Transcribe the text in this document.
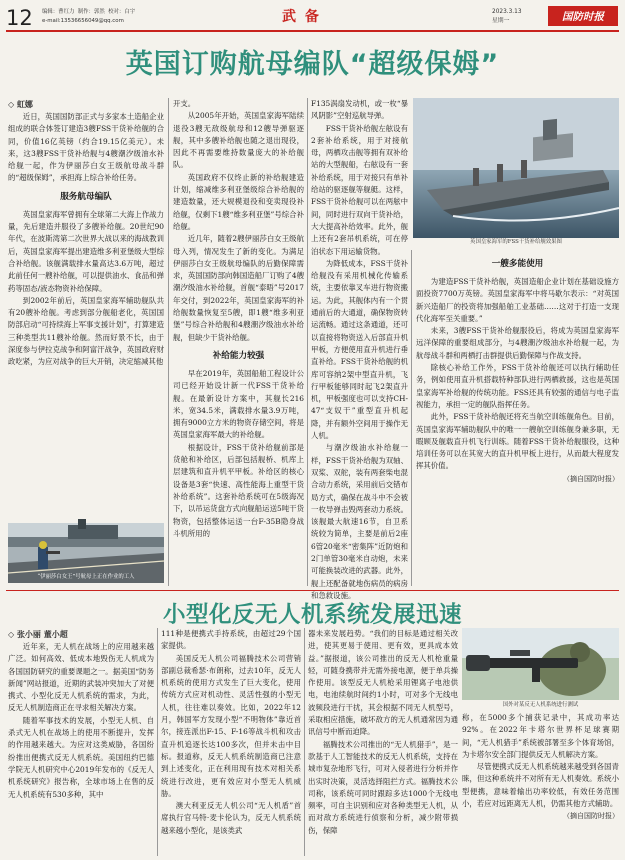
12 编辑：曹红力  制作：郭然  校对：白宇
e-mail:13536656049@qq.com	武 备	2023.3.13
星期一	国防时报
英国订购航母编队“超级保姆”
◇ 虹娜

近日，英国国防部正式与多家本土造船企业组成的联合体签订建造3艘FSS干货补给舰的合同，价值16亿英镑（约合19.15亿美元）。未来，这3艘FSS干货补给舰与4艘潮汐级油水补给舰一起，作为伊丽莎白女王级航母战斗群的“超级保姆”，承担海上综合补给任务。

服务航母编队

英国皇家海军曾拥有全球第二大海上作战力量，先后建造并服役了多艘补给舰。20世纪90年代，在波斯湾第二次世界大战以来的海战教训后，英国皇家海军提出建造维多利亚堡级大型综合补给舰。该舰满载排水量高达3.6万吨，超过此前任何一艘补给舰，可以提供油水、食品和弹药等固态/液态物资补给保障。

到2002年前后，英国皇家海军辅助舰队共有20艘补给舰。考虑到部分舰船老化，英国国防部启动“可持续海上军事支援计划”，打算建造三种类型共11艘补给舰。然而好景不长，由于深度参与伊拉克战争和阿富汗战争，英国政府财政吃紧，为应对战争的巨大开销，决定缩减其他

“伊丽莎白女王”号航母上正在作业的工人

开支。

从2005年开始，英国皇家海军陆续退役3艘无敌级航母和12艘导弹驱逐舰，其中多艘补给舰也随之退出现役，因此不再需要维持数量庞大的补给舰队。

英国政府不仅终止新的补给舰建造计划，缩减维多利亚堡级综合补给舰的建造数量，还大规模退役和变卖现役补给舰，仅剩下1艘“维多利亚堡”号综合补给舰。

近几年，随着2艘伊丽莎白女王级航母入列，情况发生了新的变化。为满足伊丽莎白女王级航母编队的后勤保障需求，英国国防部向韩国造船厂订购了4艘潮汐级油水补给舰，首舰“泰晤”号2017年交付，到2022年，英国皇家海军的补给舰数量恢复至5艘，即1艘“维多利亚堡”号综合补给舰和4艘潮汐级油水补给舰，但缺少干货补给舰。

补给能力较强

早在2019年，英国船舶工程设计公司已经开始设计新一代FSS干货补给舰。在最新设计方案中，其舰长216米，宽34.5米，满载排水量3.9万吨，拥有9000立方米的物资存储空间，将是英国皇家海军最大的补给舰。

根据设计，FSS干货补给舰前部是货舱和补给区，后部包括舰桥、机库上层建筑和直升机平甲板。补给区的核心设备是3套“快速、高性能海上重型干货补给系统”。这套补给系统可在5级海况下，以吊运货盘方式向舰船运送5吨干货物资，包括整体运送一台F-35B隐身战斗机所用的

F135涡扇发动机，或一枚“暴风阴影”空射巡航导弹。

FSS干货补给舰左舷设有2套补给系统，用于对接航母，两栖攻击舰等拥有双补给站的大型舰船，右舷设有一套补给系统，用于对接只有单补给站的驱逐舰等舰艇。这样，FSS干货补给舰可以在两舷中间，同时进行双向干货补给，大大提高补给效率。此外，舰上还有2套吊机系统，可在停泊状态下用运输货物。

为降低成本，FSS干货补给舰没有采用机械化传输系统，主要依靠叉车进行物资搬运。为此，其舰体内有一个贯通前后的大通道，确保物资转运流畅。通过这条通道，还可以直接将物资送入后部直升机甲板，方便使用直升机进行垂直补给。FSS干货补给舰的机库可容纳2架中型直升机，飞行甲板能够同时起飞2架直升机，甲板强度也可以支持CH-47“支奴干”重型直升机起降，并有额外空间用于操作无人机。

与潮汐级油水补给舰一样，FSS干货补给舰为双轴、双桨、双舵，装有两套柴电混合动力系统，采用前后交错布局方式，确保在战斗中不会被一枚导弹击毁两套动力系统。该舰最大航速16节，自卫系统较为简单，主要是前后2座6管20毫米“密集阵”近防炮和2门单管30毫米自动炮，未来可能换装改进的武器。此外，舰上还配备就地伤病员的病房和急救设施。

英国皇家海军的FSS干货补给舰效果图
一艘多能使用

为建造FSS干货补给舰，英国造船企业计划在基础设施方面投资7700万英镑。英国皇家海军中将马歇尔表示：“对英国新兴造船厂的投资将加强船舶工业基础……这对于打造一支现代化海军至关重要。”

未来，3艘FSS干货补给舰服役后，将成为英国皇家海军远洋保障的重要组成部分，与4艘潮汐级油水补给舰一起，为航母战斗群和两栖打击群提供后勤保障与作战支持。

除核心补给工作外，FSS干货补给舰还可以执行辅助任务，例如使用直升机搭载特种部队进行两栖救援，这也是英国皇家海军补给舰的传统功能。FSS还具有较强的通信与电子监视能力，承担一定的舰队指挥任务。

此外，FSS干货补给舰还将充当航空训练舰角色。目前，英国皇家海军辅助舰队中的唯一一艘航空训练舰身兼多职，无暇顾及舰载直升机飞行训练。随着FSS干货补给舰服役，这种培训任务可以在其宽大的直升机甲板上进行，从而最大程度发挥其价值。

（摘自国防时报）
小型化反无人机系统发展迅速
◇ 张小丽 董小超

近年来，无人机在战场上的应用越来越广泛。如何高效、低成本地毁伤无人机成为各国国防研究的重要课题之一。据美国“防务新闻”网站报道，近期的武装冲突加大了对便携式、小型化反无人机系统的需求，为此，反无人机制造商正在寻求相关解决方案。

随着军事技术的发展，小型无人机、自杀式无人机在战场上的使用不断提升，发挥的作用越来越大。为应对这类威胁，各国纷纷推出便携式反无人机系统。美国纽约巴德学院无人机研究中心2019年发布的《反无人机系统研究》报告称，全球市场上在售的反无人机系统有530多种，其中

111种是便携式手持系统，由超过29个国家提供。

美国反无人机公司福腾技术公司营销部副总裁希瑟·布朗称，过去10年，反无人机系统的使用方式发生了巨大变化，使用传统方式应对机动性、灵活性强的小型无人机，往往难以奏效。比如，2022年12月，韩国军方发现小型“不明物体”靠近首尔，接连派出F-15、F-16等战斗机和攻击直升机追逐长达100多次，但并未击中目标。报道称，反无人机系统制造商已注意到上述变化，正在利用现有技术对相关系统进行改进，更有效应对小型无人机威胁。

澳大利亚反无人机公司“无人机盾”首席执行官马特·麦卡伦认为，反无人机系统越来越小型化，是该类武

器未来发展趋势。“我们的目标是通过相关改进，使其更易于使用、更有效，更具成本效益。”据报道，该公司推出的反无人机枪重量轻，可随身携带并无需外接电源，便于单兵操作使用。该型反无人机枪采用锂离子电池供电，电池续航时间约1小时，可对多个无线电波频段进行干扰，其会根据不同无人机型号，采取相应措施，破坏敌方的无人机通常因为通讯信号中断而迫降。

福腾技术公司推出的“无人机猎手”，是一款基于人工智能技术的反无人机系统，支持在城市复杂地形飞行，可对入侵者进行分析并作出实时决策，灵活选择阻拦方式。福腾技术公司称，该系统可同时跟踪多达1000个无线电频率，可自主识别和应对各种类型无人机，从而对敌方系统进行侦察和分析，减少附带损伤，保障

国外对某反无人机系统进行测试

称，在5000多个捕获记录中，其成功率达92%。在2022年卡塔尔世界杯足球赛期间，“无人机猎手”系统被部署至多个体育场馆，为卡塔尔安全部门提供反无人机解决方案。

尽管便携式反无人机系统越来越受到各国青睐，但这种系统并不对所有无人机奏效。系统小型便携，意味着输出功率较低，有效任务范围小，若应对远距离无人机，仍需其他方式辅助。

（摘自国防时报）
